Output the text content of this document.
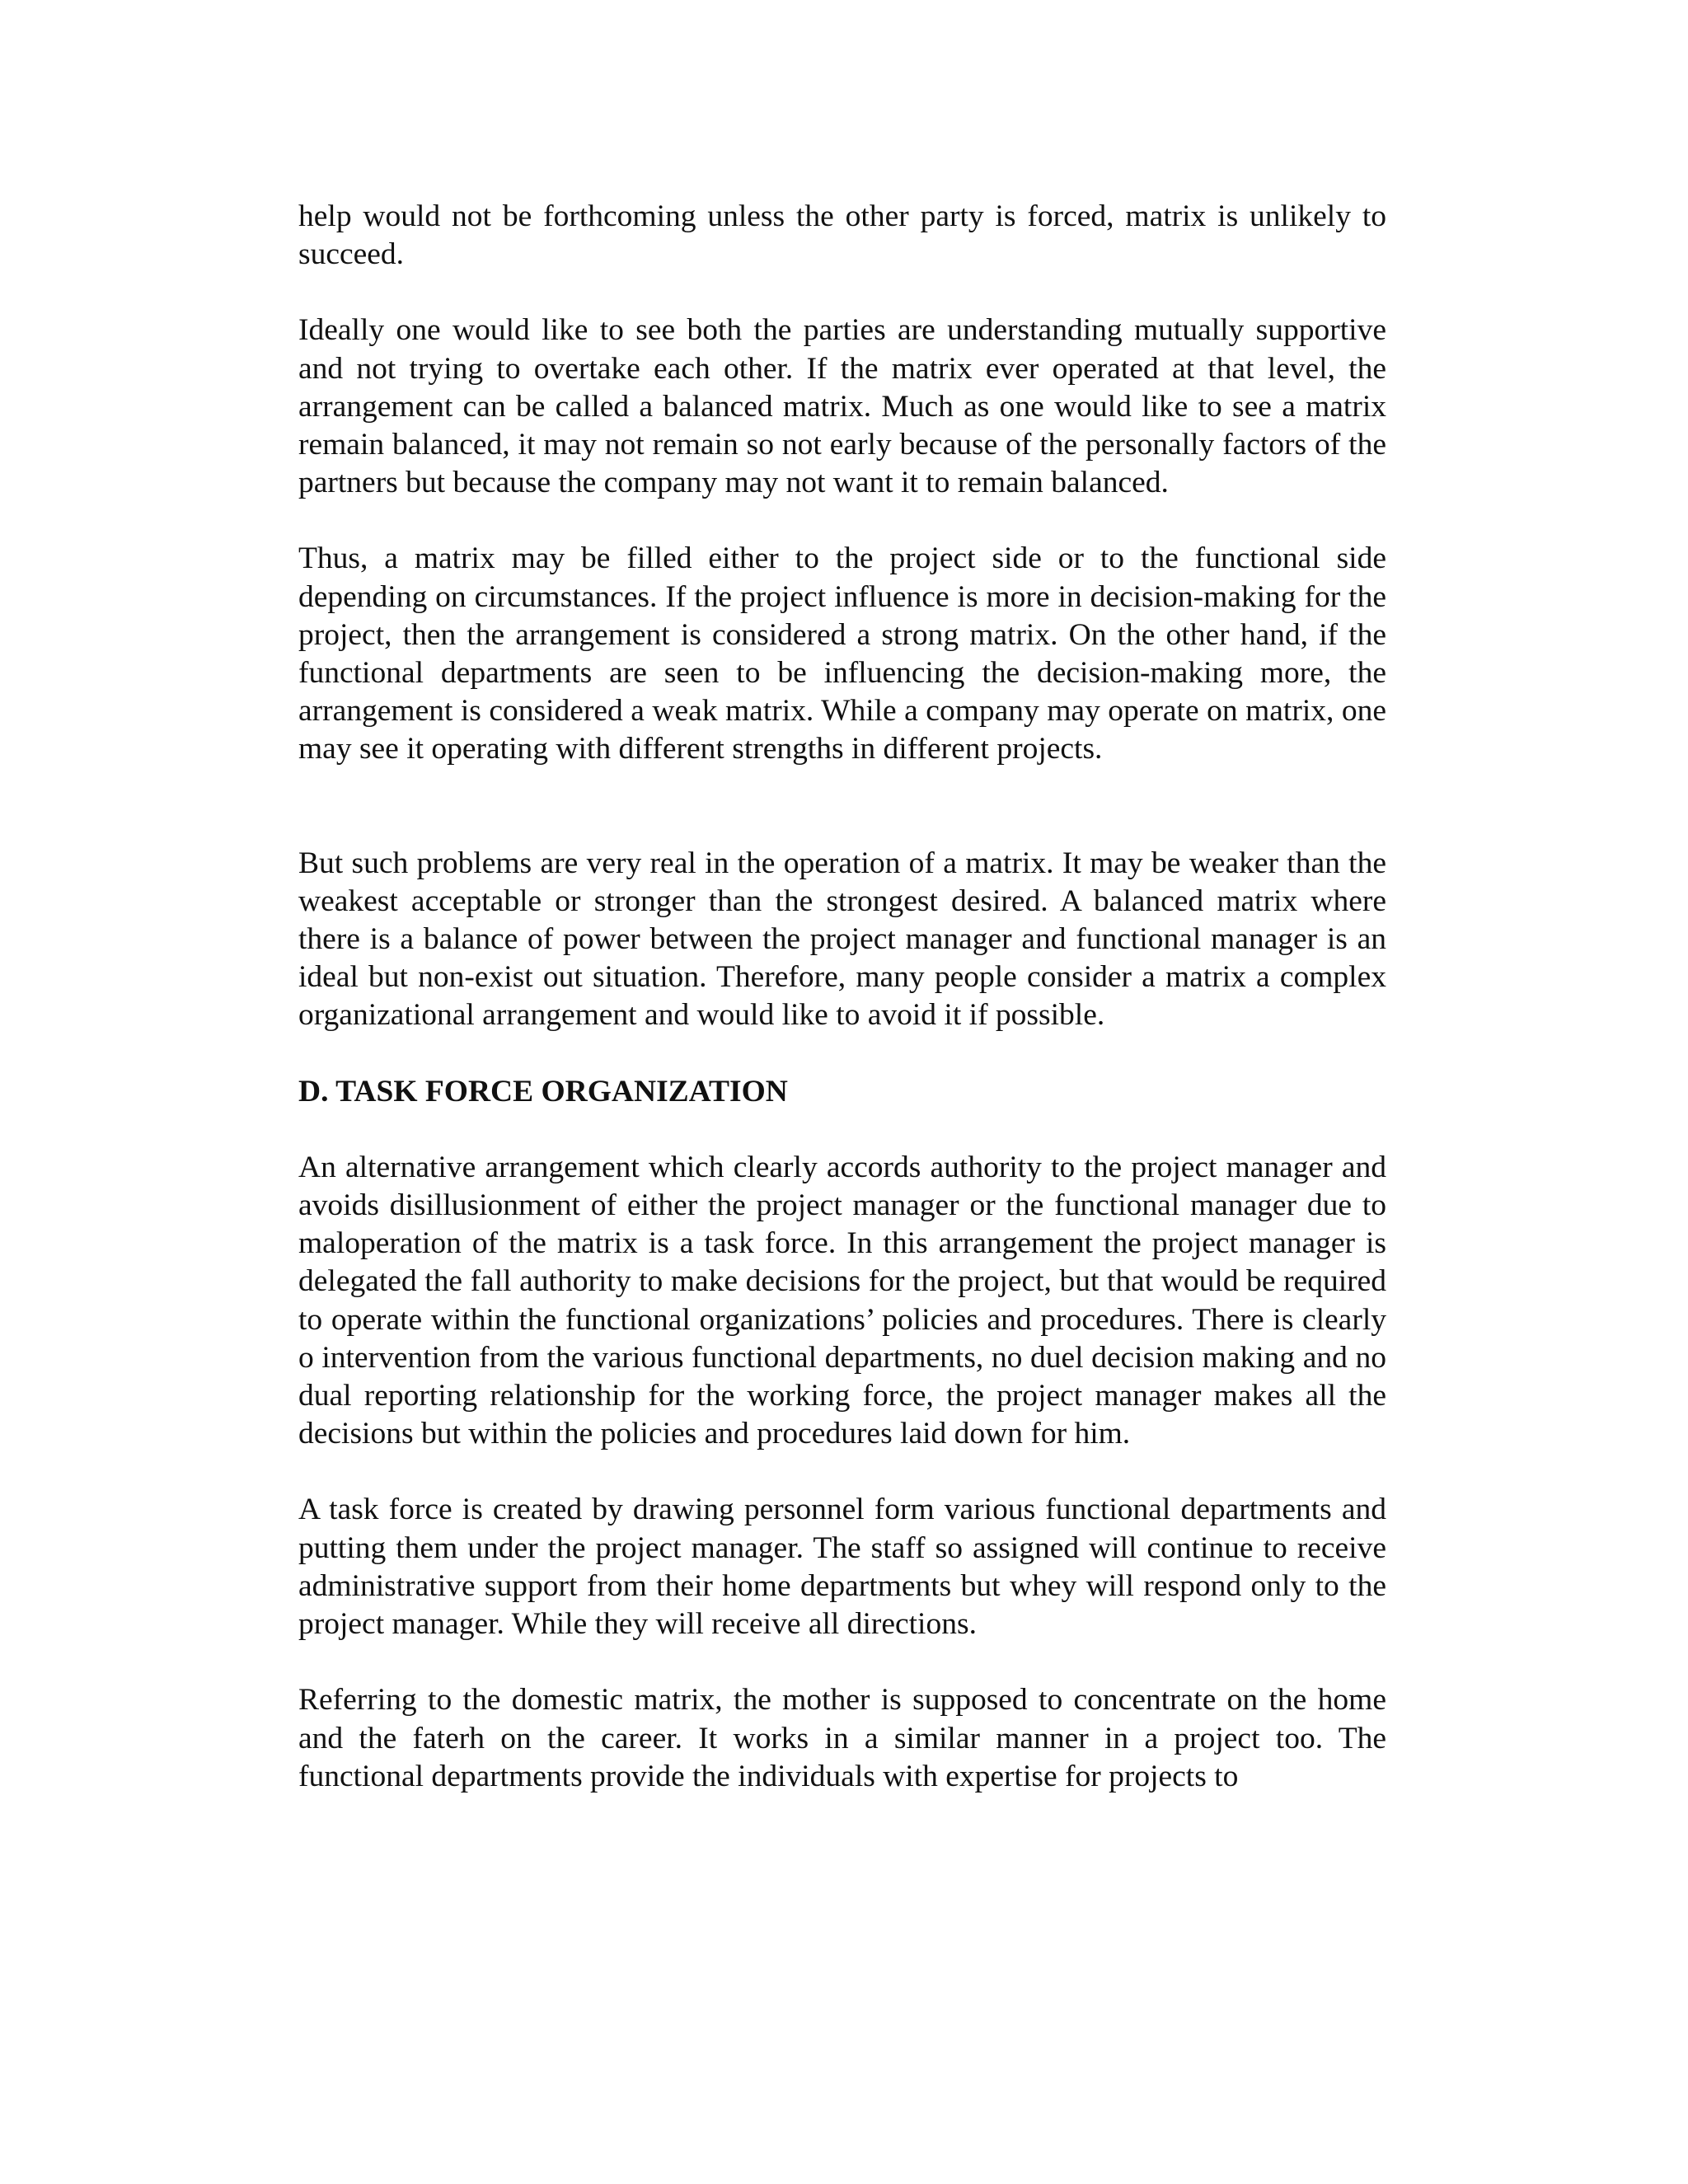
help would not be forthcoming unless the other party is forced, matrix is unlikely to succeed.

Ideally one would like to see both the parties are understanding mutually supportive and not trying to overtake each other. If the matrix ever operated at that level, the arrangement can be called a balanced matrix. Much as one would like to see a matrix remain balanced, it may not remain so not early because of the personally factors of the partners but because the company may not want it to remain balanced.

Thus, a matrix may be filled either to the project side or to the functional side depending on circumstances. If the project influence is more in decision-making for the project, then the arrangement is considered a strong matrix. On the other hand, if the functional departments are seen to be influencing the decision-making more, the arrangement is considered a weak matrix. While a company may operate on matrix, one may see it operating with different strengths in different projects.

But such problems are very real in the operation of a matrix. It may be weaker than the weakest acceptable or stronger than the strongest desired. A balanced matrix where there is a balance of power between the project manager and functional manager is an ideal but non-exist out situation. Therefore, many people consider a matrix a complex organizational arrangement and would like to avoid it if possible.

D. TASK FORCE ORGANIZATION

An alternative arrangement which clearly accords authority to the project manager and avoids disillusionment of either the project manager or the functional manager due to maloperation of the matrix is a task force. In this arrangement the project manager is delegated the fall authority to make decisions for the project, but that would be required to operate within the functional organizations’ policies and procedures. There is clearly o intervention from the various functional departments, no duel decision making and no dual reporting relationship for the working force, the project manager makes all the decisions but within the policies and procedures laid down for him.

A task force is created by drawing personnel form various functional departments and putting them under the project manager. The staff so assigned will continue to receive administrative support from their home departments but whey will respond only to the project manager. While they will receive all directions.

Referring to the domestic matrix, the mother is supposed to concentrate on the home and the faterh on the career. It works in a similar manner in a project too. The functional departments provide the individuals with expertise for projects to
